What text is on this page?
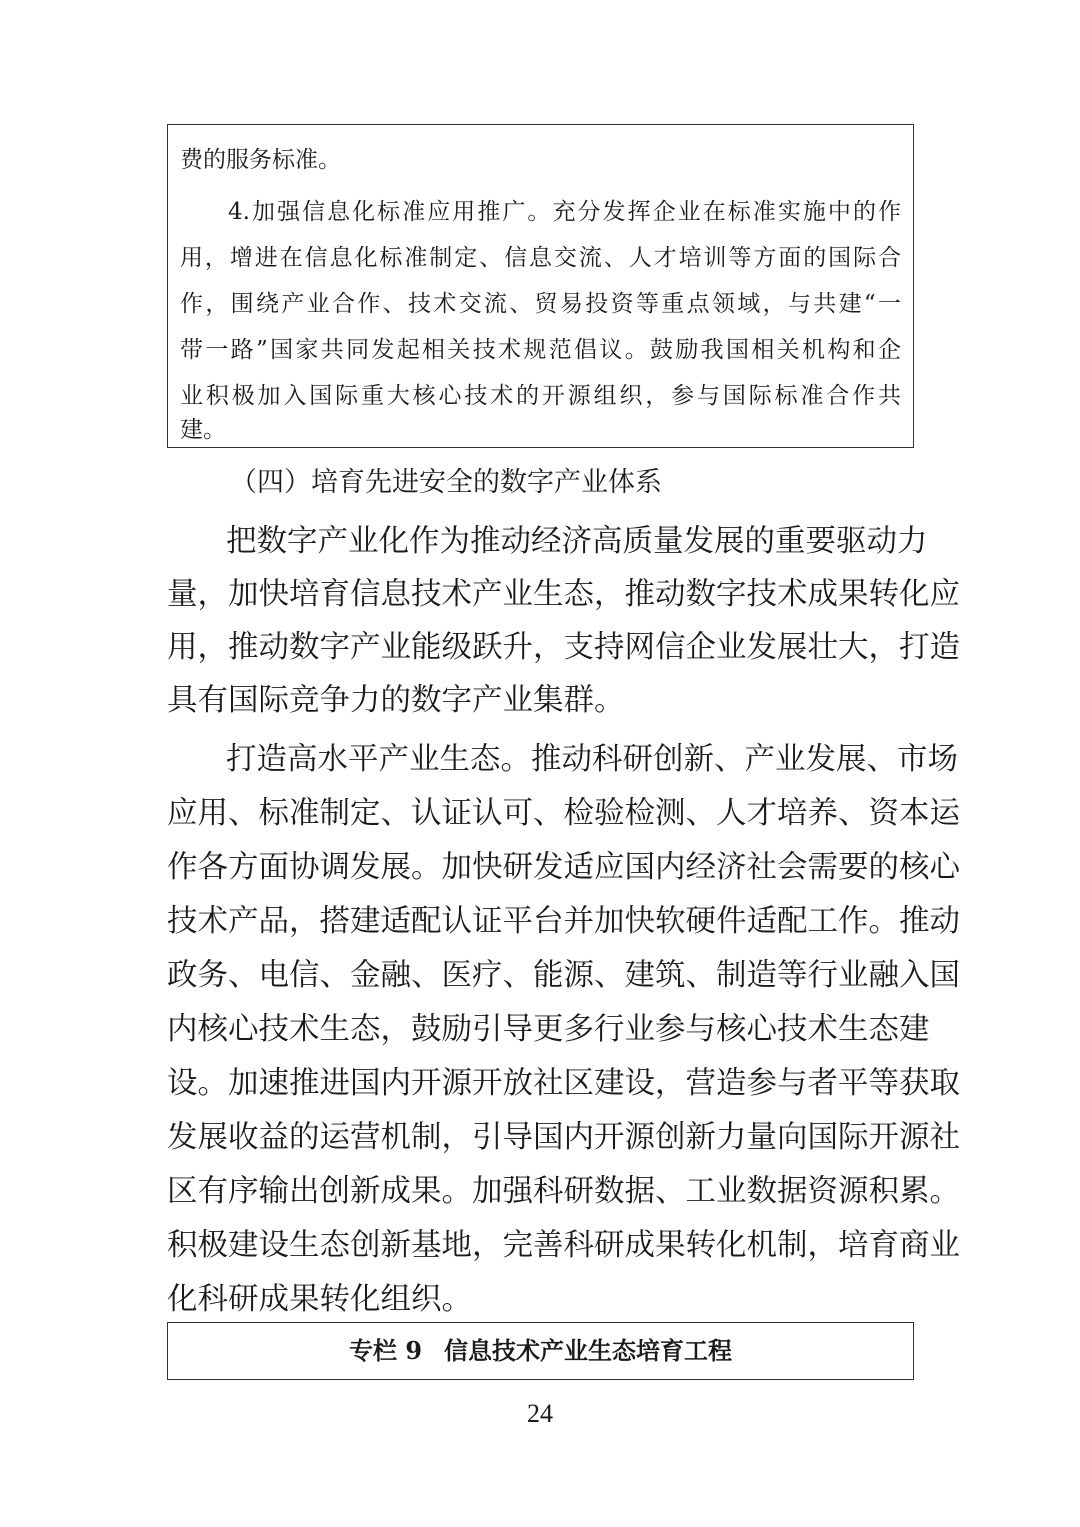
费的服务标准。
4.加强信息化标准应用推广。充分发挥企业在标准实施中的作
用，增进在信息化标准制定、信息交流、人才培训等方面的国际合
作，围绕产业合作、技术交流、贸易投资等重点领域，与共建“一
带一路”国家共同发起相关技术规范倡议。鼓励我国相关机构和企
业积极加入国际重大核心技术的开源组织，参与国际标准合作共
建。
（四）培育先进安全的数字产业体系
把数字产业化作为推动经济高质量发展的重要驱动力
量，加快培育信息技术产业生态，推动数字技术成果转化应
用，推动数字产业能级跃升，支持网信企业发展壮大，打造
具有国际竞争力的数字产业集群。
打造高水平产业生态。推动科研创新、产业发展、市场
应用、标准制定、认证认可、检验检测、人才培养、资本运
作各方面协调发展。加快研发适应国内经济社会需要的核心
技术产品，搭建适配认证平台并加快软硬件适配工作。推动
政务、电信、金融、医疗、能源、建筑、制造等行业融入国
内核心技术生态，鼓励引导更多行业参与核心技术生态建
设。加速推进国内开源开放社区建设，营造参与者平等获取
发展收益的运营机制，引导国内开源创新力量向国际开源社
区有序输出创新成果。加强科研数据、工业数据资源积累。
积极建设生态创新基地，完善科研成果转化机制，培育商业
化科研成果转化组织。
专栏 9 信息技术产业生态培育工程
24
